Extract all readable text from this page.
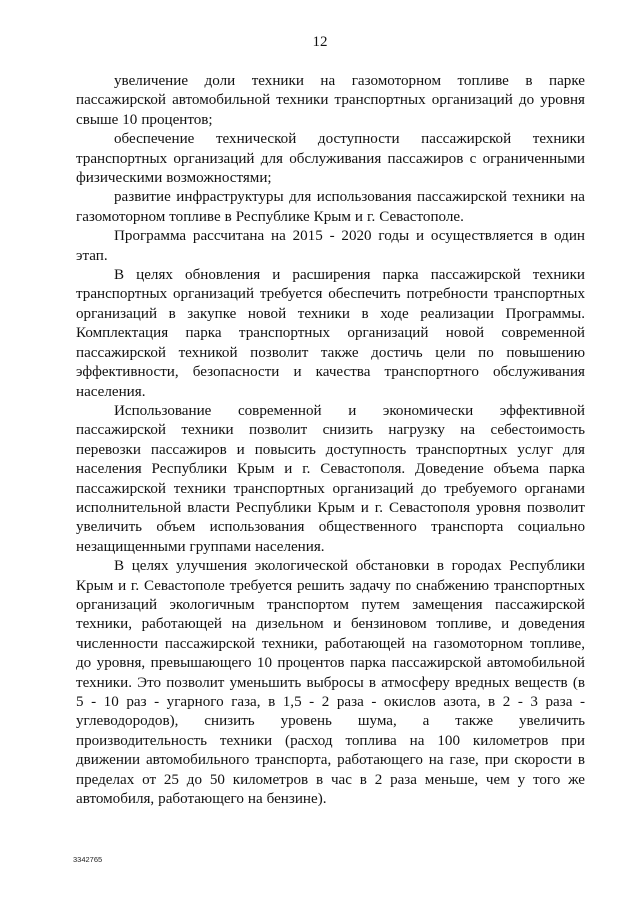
12

увеличение доли техники на газомоторном топливе в парке пассажирской автомобильной техники транспортных организаций до уровня свыше 10 процентов;

обеспечение технической доступности пассажирской техники транспортных организаций для обслуживания пассажиров с ограниченными физическими возможностями;

развитие инфраструктуры для использования пассажирской техники на газомоторном топливе в Республике Крым и г. Севастополе.

Программа рассчитана на 2015 - 2020 годы и осуществляется в один этап.

В целях обновления и расширения парка пассажирской техники транспортных организаций требуется обеспечить потребности транспортных организаций в закупке новой техники в ходе реализации Программы. Комплектация парка транспортных организаций новой современной пассажирской техникой позволит также достичь цели по повышению эффективности, безопасности и качества транспортного обслуживания населения.

Использование современной и экономически эффективной пассажирской техники позволит снизить нагрузку на себестоимость перевозки пассажиров и повысить доступность транспортных услуг для населения Республики Крым и г. Севастополя. Доведение объема парка пассажирской техники транспортных организаций до требуемого органами исполнительной власти Республики Крым и г. Севастополя уровня позволит увеличить объем использования общественного транспорта социально незащищенными группами населения.

В целях улучшения экологической обстановки в городах Республики Крым и г. Севастополе требуется решить задачу по снабжению транспортных организаций экологичным транспортом путем замещения пассажирской техники, работающей на дизельном и бензиновом топливе, и доведения численности пассажирской техники, работающей на газомоторном топливе, до уровня, превышающего 10 процентов парка пассажирской автомобильной техники. Это позволит уменьшить выбросы в атмосферу вредных веществ (в 5 - 10 раз - угарного газа, в 1,5 - 2 раза - окислов азота, в 2 - 3 раза - углеводородов), снизить уровень шума, а также увеличить производительность техники (расход топлива на 100 километров при движении автомобильного транспорта, работающего на газе, при скорости в пределах от 25 до 50 километров в час в 2 раза меньше, чем у того же автомобиля, работающего на бензине).

3342765
